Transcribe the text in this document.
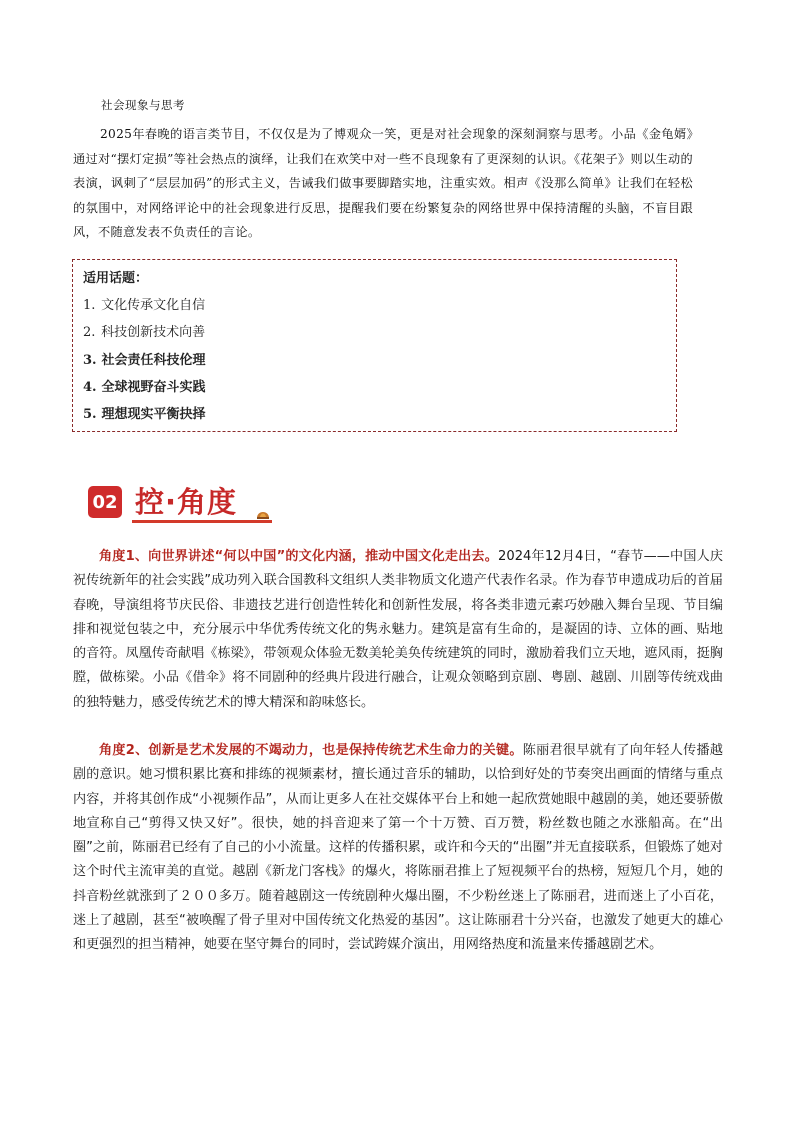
社会现象与思考

2025年春晚的语言类节目，不仅仅是为了博观众一笑，更是对社会现象的深刻洞察与思考。小品《金龟婿》通过对“摆灯定损”等社会热点的演绎，让我们在欢笑中对一些不良现象有了更深刻的认识。《花架子》则以生动的表演，讽刺了“层层加码”的形式主义，告诫我们做事要脚踏实地，注重实效。相声《没那么简单》让我们在轻松的氛围中，对网络评论中的社会现象进行反思，提醒我们要在纷繁复杂的网络世界中保持清醒的头脑，不盲目跟风，不随意发表不负责任的言论。

适用话题：
1. 文化传承文化自信
2. 科技创新技术向善
3. 社会责任科技伦理
4. 全球视野奋斗实践
5. 理想现实平衡抉择
02 控·角度

角度1、向世界讲述“何以中国”的文化内涵，推动中国文化走出去。2024年12月4日，“春节——中国人庆祝传统新年的社会实践”成功列入联合国教科文组织人类非物质文化遗产代表作名录。作为春节申遗成功后的首届春晚，导演组将节庆民俗、非遗技艺进行创造性转化和创新性发展，将各类非遗元素巧妙融入舞台呈现、节目编排和视觉包装之中，充分展示中华优秀传统文化的隽永魅力。建筑是富有生命的，是凝固的诗、立体的画、贴地的音符。凤凰传奇献唱《栋梁》，带领观众体验无数美轮美奂传统建筑的同时，激励着我们立天地，遮风雨，挺胸膛，做栋梁。小品《借伞》将不同剧种的经典片段进行融合，让观众领略到京剧、粤剧、越剧、川剧等传统戏曲的独特魅力，感受传统艺术的博大精深和韵味悠长。

角度2、创新是艺术发展的不竭动力，也是保持传统艺术生命力的关键。陈丽君很早就有了向年轻人传播越剧的意识。她习惯积累比赛和排练的视频素材，擅长通过音乐的辅助，以恰到好处的节奏突出画面的情绪与重点内容，并将其创作成“小视频作品”，从而让更多人在社交媒体平台上和她一起欣赏她眼中越剧的美，她还要骄傲地宣称自己“剪得又快又好”。很快，她的抖音迎来了第一个十万赞、百万赞，粉丝数也随之水涨船高。在“出圈”之前，陈丽君已经有了自己的小小流量。这样的传播积累，或许和今天的“出圈”并无直接联系，但锻炼了她对这个时代主流审美的直觉。越剧《新龙门客栈》的爆火，将陈丽君推上了短视频平台的热榜，短短几个月，她的抖音粉丝就涨到了２００多万。随着越剧这一传统剧种火爆出圈，不少粉丝迷上了陈丽君，进而迷上了小百花，迷上了越剧，甚至“被唤醒了骨子里对中国传统文化热爱的基因”。这让陈丽君十分兴奋，也激发了她更大的雄心和更强烈的担当精神，她要在坚守舞台的同时，尝试跨媒介演出，用网络热度和流量来传播越剧艺术。
